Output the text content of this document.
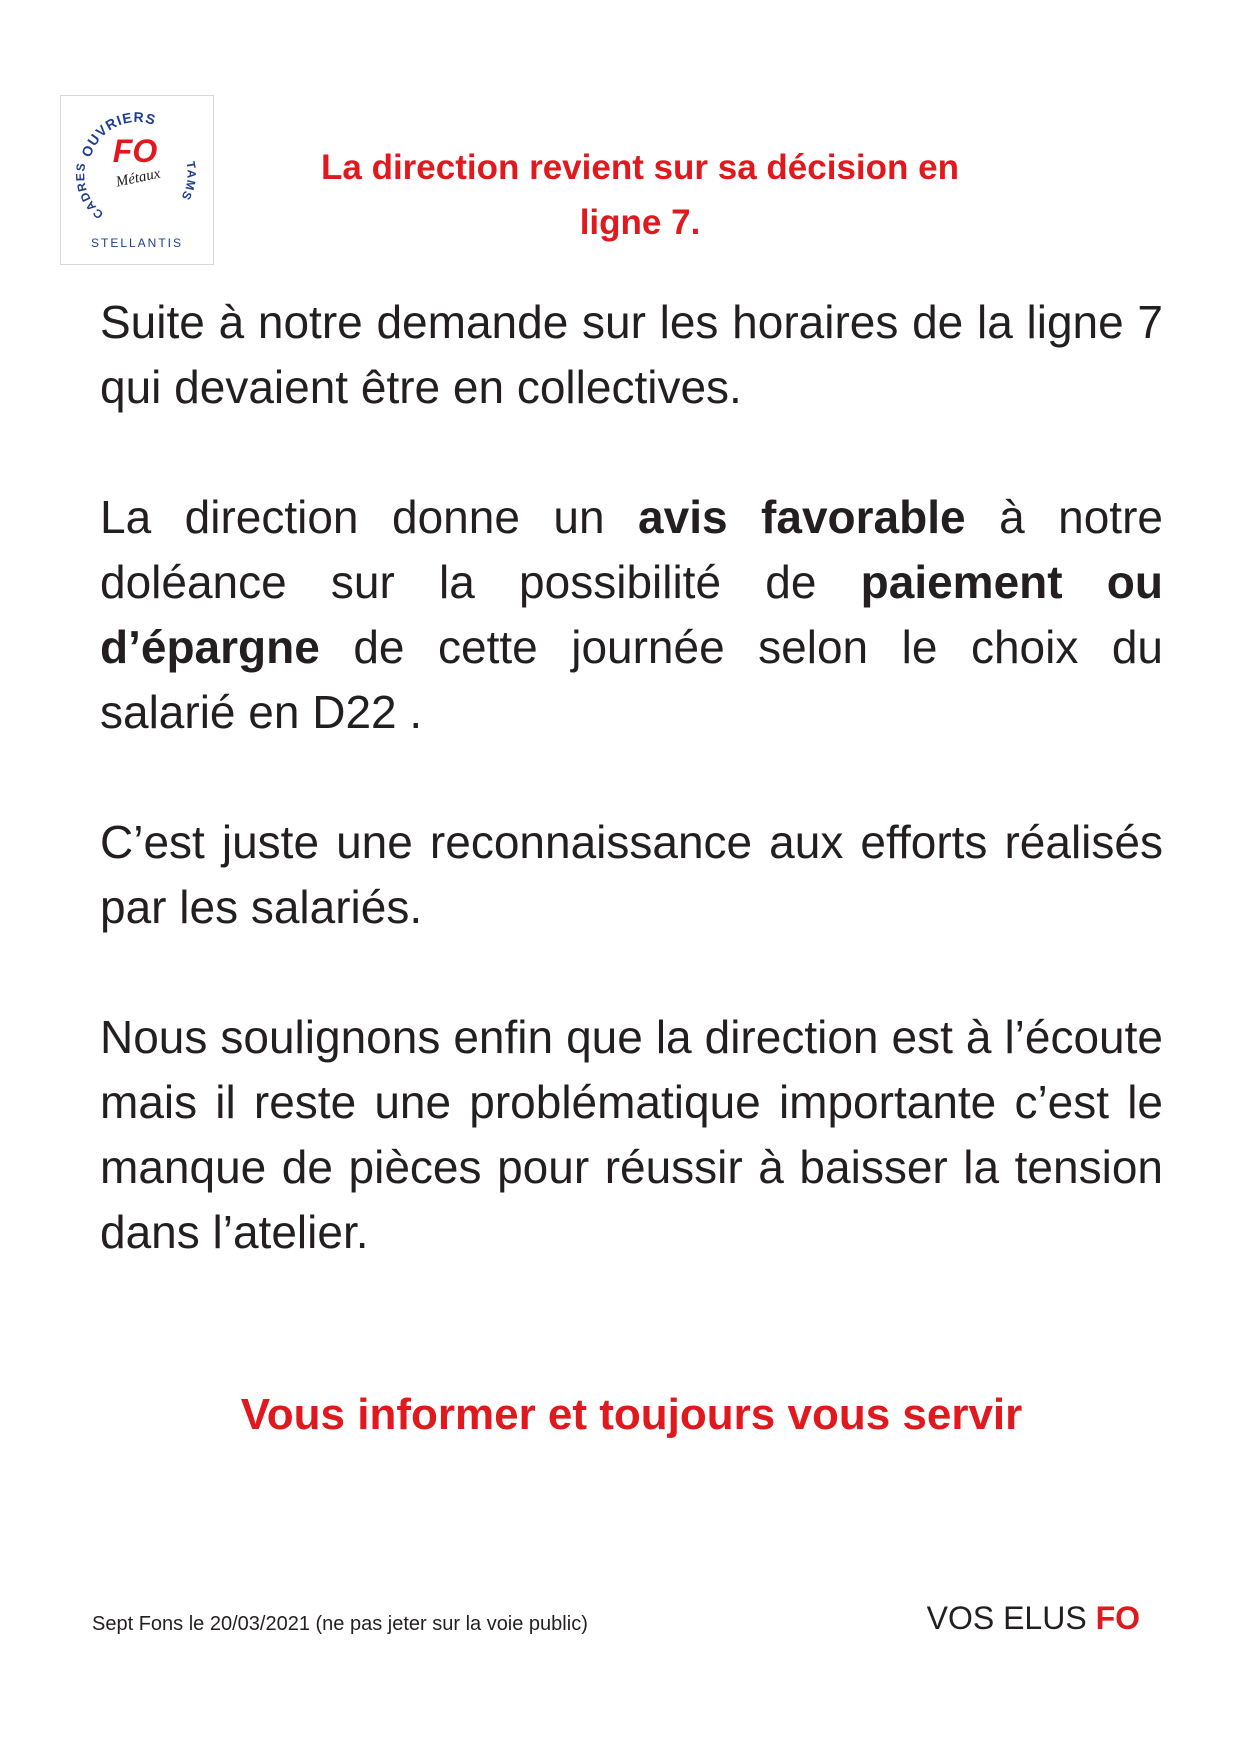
OUVRIERS
CADRES	TAMS
FO
Métaux
STELLANTIS
La direction revient sur sa décision en
ligne 7.

Suite à notre demande sur les horaires de la ligne 7 qui devaient être en collectives.

La direction donne un avis favorable à notre doléance sur la possibilité de paiement ou d’épargne de cette journée selon le choix du salarié en D22 .

C’est juste une reconnaissance aux efforts réalisés par les salariés.

Nous soulignons enfin que la direction est à l’écoute mais il reste une problématique importante c’est le manque de pièces pour réussir à baisser la tension dans l’atelier.

Vous informer et toujours vous servir
Sept Fons le 20/03/2021 (ne pas jeter sur la voie public)	VOS ELUS FO
